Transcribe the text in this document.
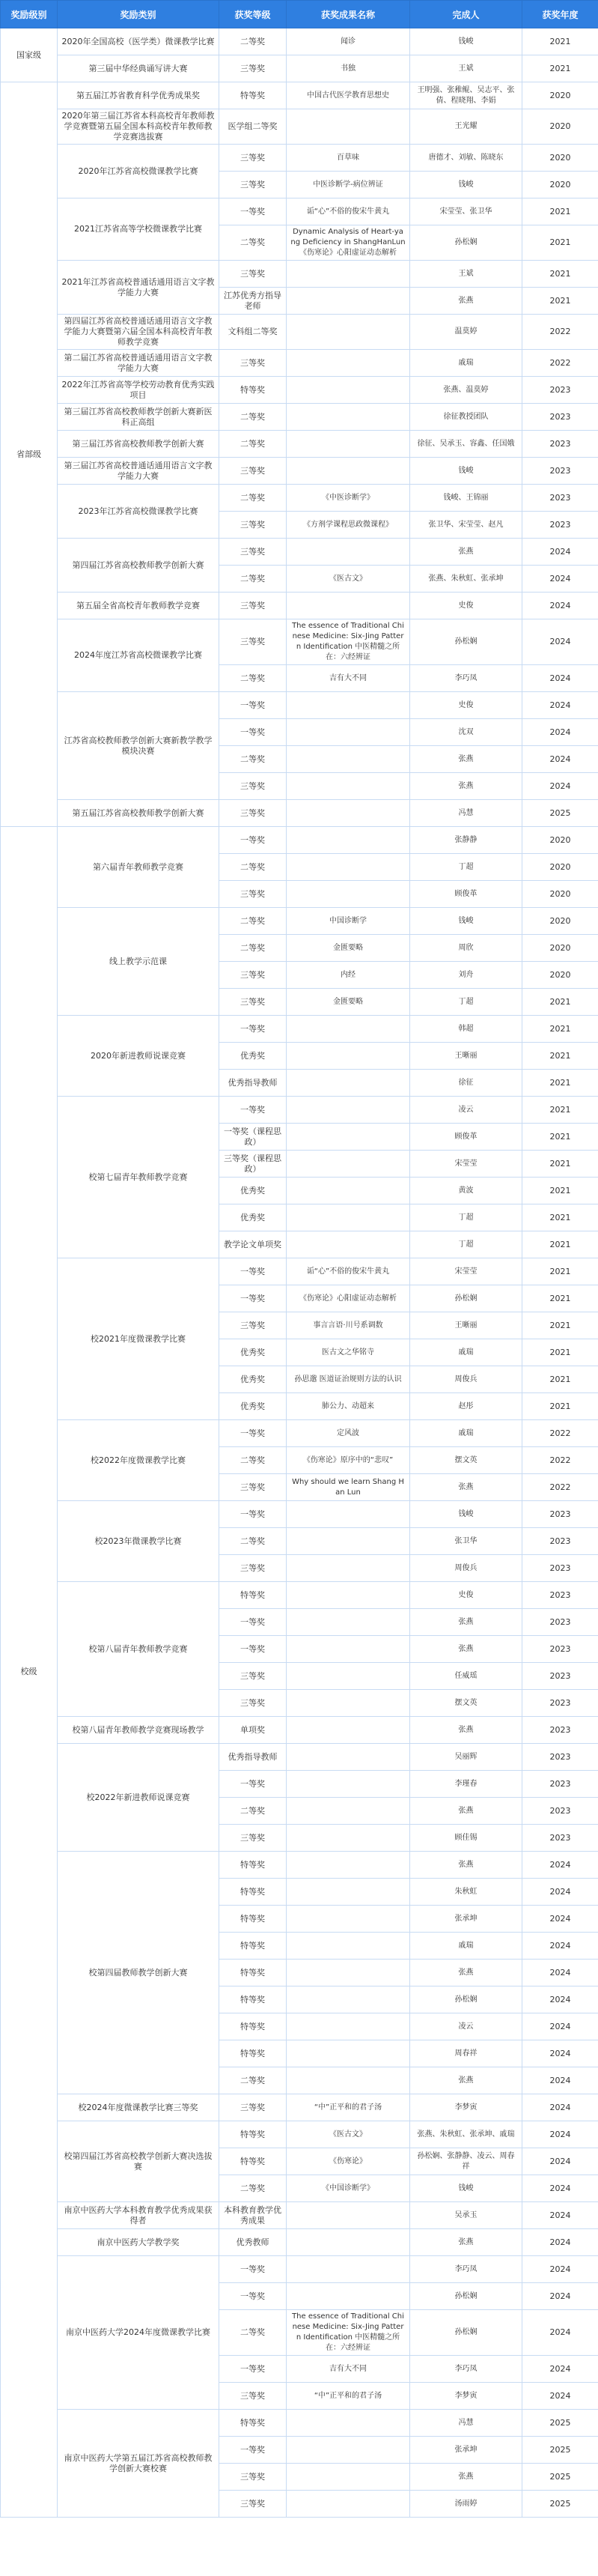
奖励级别	奖励类别	获奖等级	获奖成果名称	完成人	获奖年度
国家级	2020年全国高校（医学类）微课教学比赛	二等奖	闻诊	钱峻	2021
	第三届中华经典诵写讲大赛	三等奖	书独	王斌	2021
省部级	第五届江苏省教育科学优秀成果奖	特等奖	中国古代医学教育思想史	王明强、张稚鲲、吴志平、张倩、程晓翔、李娟	2020
	2020年第三届江苏省本科高校青年教师教学竞赛暨第五届全国本科高校青年教师教学竞赛选拔赛	医学组二等奖		王光耀	2020
	2020年江苏省高校微课教学比赛	三等奖	百草味	唐德才、刘敏、陈晓东	2020
		三等奖	中医诊断学-病位辨证	钱峻	2020
	2021江苏省高等学校微课教学比赛	一等奖	诟“心”不俗的俊宋牛黄丸	宋莹莹、张卫华	2021
		二等奖	Dynamic Analysis of Heart-yang Deficiency in ShangHanLun 《伤寒论》心阳虚证动态解析	孙松娴	2021
	2021年江苏省高校普通话通用语言文字教学能力大赛	三等奖		王斌	2021
		江苏优秀方指导老师		张燕	2021
	第四届江苏省高校普通话通用语言文字教学能力大赛暨第六届全国本科高校青年教师教学竞赛	文科组二等奖		温莫婷	2022
	第二届江苏省高校普通话通用语言文字教学能力大赛	三等奖		戚瑞	2022
	2022年江苏省高等学校劳动教育优秀实践项目	特等奖		张燕、温莫婷	2023
	第三届江苏省高校教师教学创新大赛新医科正高组	二等奖		徐征教授团队	2023
	第三届江苏省高校教师教学创新大赛	二等奖		徐征、吴承玉、容鑫、任国娥	2023
	第三届江苏省高校普通话通用语言文字教学能力大赛	三等奖		钱峻	2023
	2023年江苏省高校微课教学比赛	二等奖	《中医诊断学》	钱峻、王锦丽	2023
		三等奖	《方剂学课程思政微课程》	张卫华、宋莹莹、赵凡	2023
	第四届江苏省高校教师教学创新大赛	三等奖		张燕	2024
		二等奖	《医古文》	张燕、朱秋虹、张承坤	2024
	第五届全省高校青年教师教学竞赛	三等奖		史俊	2024
	2024年度江苏省高校微课教学比赛	三等奖	The essence of Traditional Chinese Medicine: Six-Jing Pattern Identification 中医精髓之所在：六经辨证	孙松娴	2024
		二等奖	吉有大不同	李巧凤	2024
	江苏省高校教师教学创新大赛新教学教学模块决赛	一等奖		史俊	2024
		一等奖		沈双	2024
		二等奖		张燕	2024
		三等奖		张燕	2024
	第五届江苏省高校教师教学创新大赛	三等奖		冯慧	2025
校级	第六届青年教师教学竞赛	一等奖		张静静	2020
		二等奖		丁超	2020
		三等奖		顾俊革	2020
	线上教学示范课	二等奖	中国诊断学	钱峻	2020
		二等奖	金匮要略	周欣	2020
		三等奖	内经	刘舟	2020
		三等奖	金匮要略	丁超	2021
	2020年新进教师说课竞赛	一等奖		韩超	2021
		优秀奖		王晰丽	2021
		优秀指导教师		徐征	2021
	校第七届青年教师教学竞赛	一等奖		凌云	2021
		一等奖（课程思政）		顾俊革	2021
		三等奖（课程思政）		宋莹莹	2021
		优秀奖		黄波	2021
		优秀奖		丁超	2021
		教学论文单项奖		丁超	2021
	校2021年度微课教学比赛	一等奖	诟“心”不俗的俊宋牛黄丸	宋莹莹	2021
		一等奖	《伤寒论》心阳虚证动态解析	孙松娴	2021
		三等奖	事言言语·川号系调数	王晰丽	2021
		优秀奖	医古文之华铭寺	戚瑞	2021
		优秀奖	孙思邈 医道证治规则方法的认识	周俊兵	2021
		优秀奖	肺公力、动超来	赵彤	2021
	校2022年度微课教学比赛	一等奖	定风波	戚瑞	2022
		二等奖	《伤寒论》原序中的“悲叹”	摆文英	2022
		三等奖	Why should we learn Shang Han Lun	张燕	2022
	校2023年微课教学比赛	一等奖		钱峻	2023
		二等奖		张卫华	2023
		三等奖		周俊兵	2023
	校第八届青年教师教学竞赛	特等奖		史俊	2023
		一等奖		张燕	2023
		一等奖		张燕	2023
		三等奖		任威瑶	2023
		三等奖		摆文英	2023
	校第八届青年教师教学竞赛现场教学	单项奖		张燕	2023
	校2022年新进教师说课竞赛	优秀指导教师		吴丽辉	2023
		一等奖		李瑾春	2023
		二等奖		张燕	2023
		三等奖		顾佳锡	2023
	校第四届教师教学创新大赛	特等奖		张燕	2024
		特等奖		朱秋虹	2024
		特等奖		张承坤	2024
		特等奖		戚瑞	2024
		特等奖		张燕	2024
		特等奖		孙松娴	2024
		特等奖		凌云	2024
		特等奖		周春祥	2024
		二等奖		张燕	2024
	校2024年度微课教学比赛三等奖	三等奖	“中”正平和的君子汤	李梦寅	2024
	校第四届江苏省高校教学创新大赛决选拔赛	特等奖	《医古文》	张燕、朱秋虹、张承坤、戚瑞	2024
		特等奖	《伤寒论》	孙松娴、张静静、凌云、周春祥	2024
		二等奖	《中国诊断学》	钱峻	2024
	南京中医药大学本科教育教学优秀成果获得者	本科教育教学优秀成果		吴承玉	2024
	南京中医药大学教学奖	优秀教师		张燕	2024
	南京中医药大学2024年度微课教学比赛	一等奖		李巧凤	2024
		一等奖		孙松娴	2024
		二等奖	The essence of Traditional Chinese Medicine: Six-Jing Pattern Identification 中医精髓之所在：六经辨证	孙松娴	2024
		一等奖	吉有大不同	李巧凤	2024
		三等奖	“中”正平和的君子汤	李梦寅	2024
	南京中医药大学第五届江苏省高校教师教学创新大赛校赛	特等奖		冯慧	2025
		一等奖		张承坤	2025
		三等奖		张燕	2025
		三等奖		汤雨婷	2025
